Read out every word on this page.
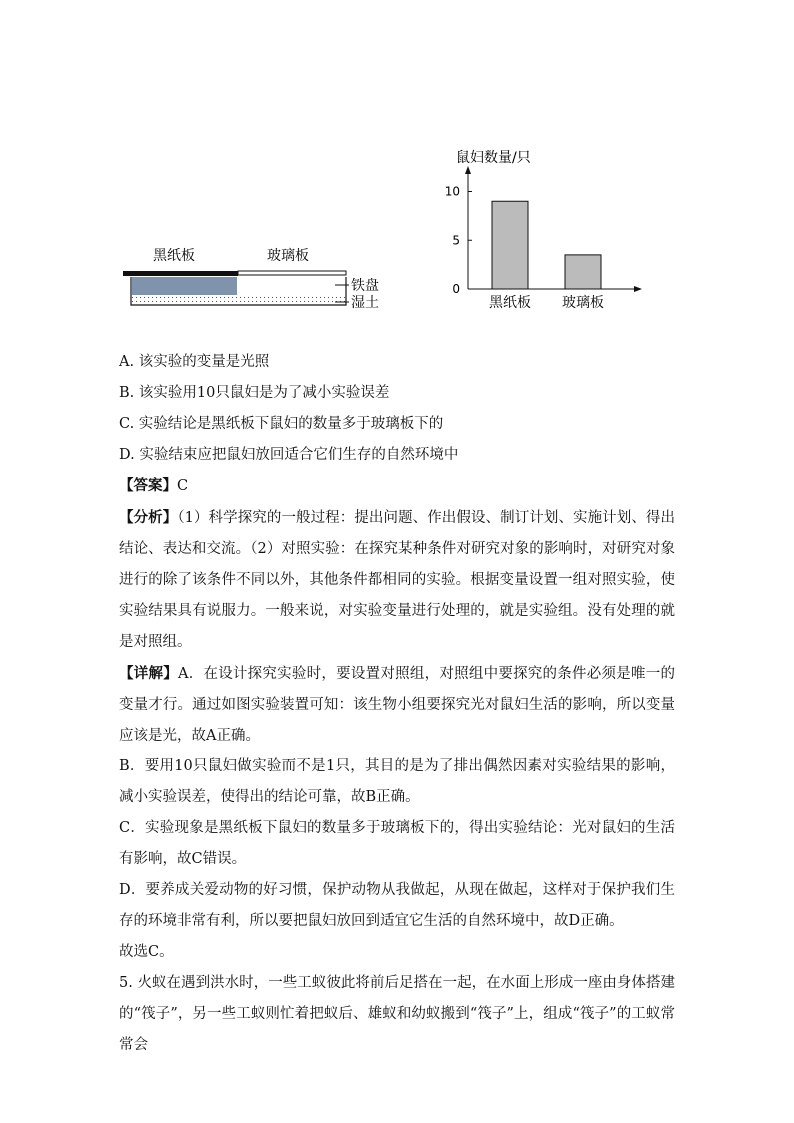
黑纸板	玻璃板
铁盘
湿土
鼠妇数量/只
0
5
10
黑纸板 玻璃板
A. 该实验的变量是光照
B. 该实验用10只鼠妇是为了减小实验误差
C. 实验结论是黑纸板下鼠妇的数量多于玻璃板下的
D. 实验结束应把鼠妇放回适合它们生存的自然环境中
【答案】C
【分析】（1）科学探究的一般过程：提出问题、作出假设、制订计划、实施计划、得出结论、表达和交流。（2）对照实验：在探究某种条件对研究对象的影响时，对研究对象进行的除了该条件不同以外，其他条件都相同的实验。根据变量设置一组对照实验，使实验结果具有说服力。一般来说，对实验变量进行处理的，就是实验组。没有处理的就是对照组。
【详解】A．在设计探究实验时，要设置对照组，对照组中要探究的条件必须是唯一的变量才行。通过如图实验装置可知：该生物小组要探究光对鼠妇生活的影响，所以变量应该是光，故A正确。
B．要用10只鼠妇做实验而不是1只，其目的是为了排出偶然因素对实验结果的影响，减小实验误差，使得出的结论可靠，故B正确。
C．实验现象是黑纸板下鼠妇的数量多于玻璃板下的，得出实验结论：光对鼠妇的生活有影响，故C错误。
D．要养成关爱动物的好习惯，保护动物从我做起，从现在做起，这样对于保护我们生存的环境非常有利，所以要把鼠妇放回到适宜它生活的自然环境中，故D正确。
故选C。
5. 火蚁在遇到洪水时，一些工蚁彼此将前后足搭在一起，在水面上形成一座由身体搭建的“筏子”，另一些工蚁则忙着把蚁后、雄蚁和幼蚁搬到“筏子”上，组成“筏子”的工蚁常常会
